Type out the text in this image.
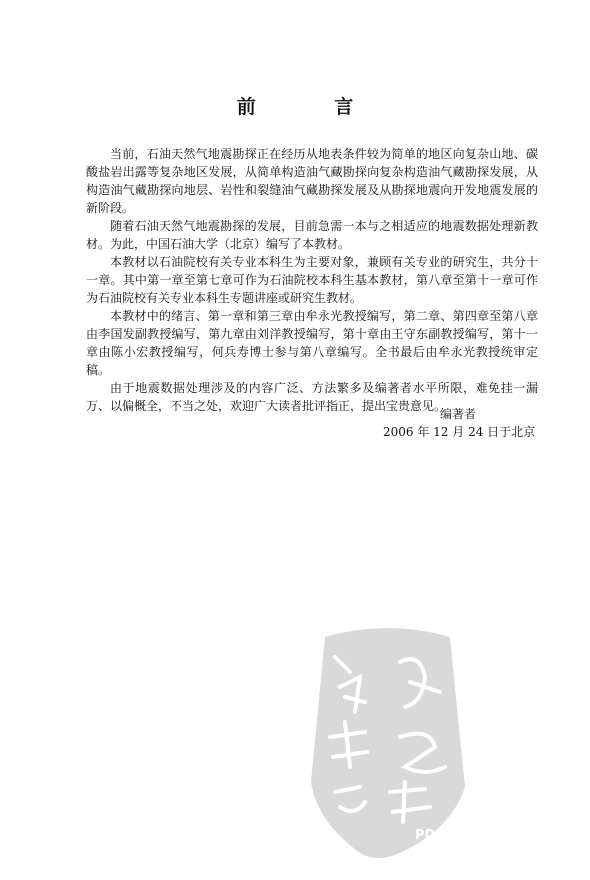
前 言

当前，石油天然气地震勘探正在经历从地表条件较为简单的地区向复杂山地、碳酸盐岩出露等复杂地区发展，从简单构造油气藏勘探向复杂构造油气藏勘探发展，从构造油气藏勘探向地层、岩性和裂缝油气藏勘探发展及从勘探地震向开发地震发展的新阶段。

随着石油天然气地震勘探的发展，目前急需一本与之相适应的地震数据处理新教材。为此，中国石油大学（北京）编写了本教材。

本教材以石油院校有关专业本科生为主要对象，兼顾有关专业的研究生，共分十一章。其中第一章至第七章可作为石油院校本科生基本教材，第八章至第十一章可作为石油院校有关专业本科生专题讲座或研究生教材。

本教材中的绪言、第一章和第三章由牟永光教授编写，第二章、第四章至第八章由李国发副教授编写，第九章由刘洋教授编写，第十章由王守东副教授编写，第十一章由陈小宏教授编写，何兵寿博士参与第八章编写。全书最后由牟永光教授统审定稿。

由于地震数据处理涉及的内容广泛、方法繁多及编著者水平所限，难免挂一漏万、以偏概全，不当之处，欢迎广大读者批评指正，提出宝贵意见。

编著者
2006 年 12 月 24 日于北京
PDG
